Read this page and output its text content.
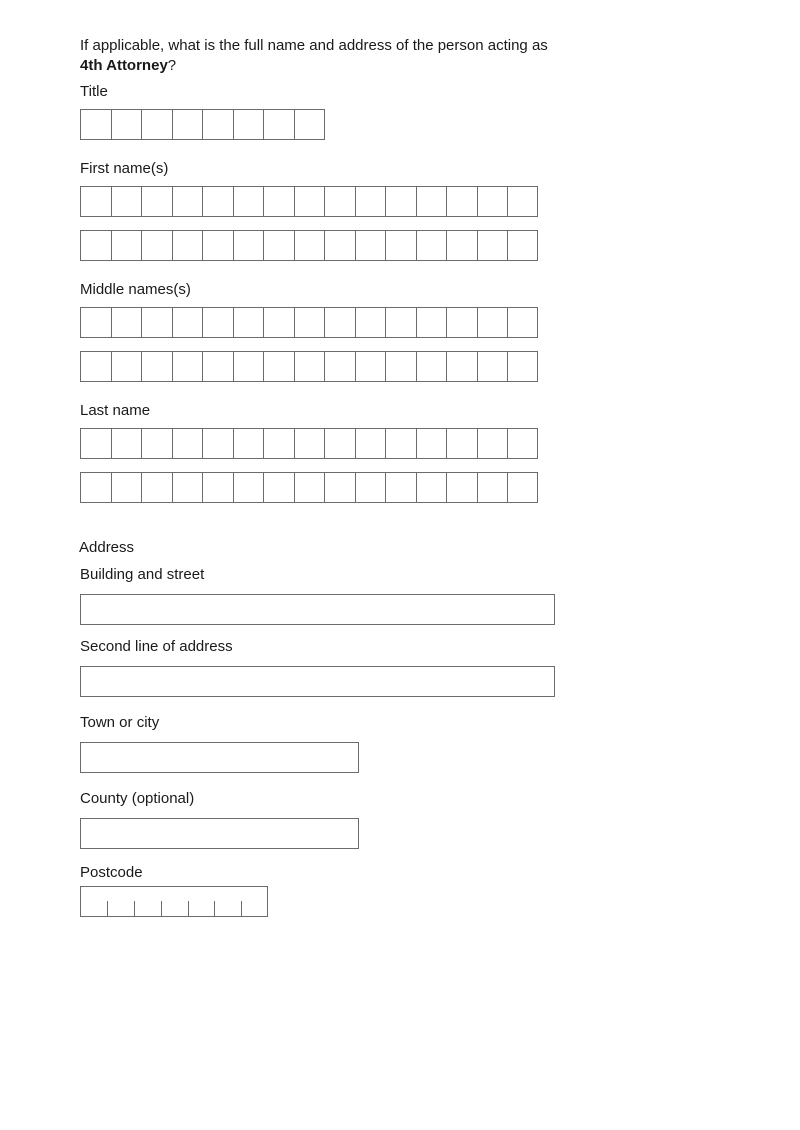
If applicable, what is the full name and address of the person acting as
4th Attorney?
Title
First name(s)
Middle names(s)
Last name
Address
Building and street
Second line of address
Town or city
County (optional)
Postcode
